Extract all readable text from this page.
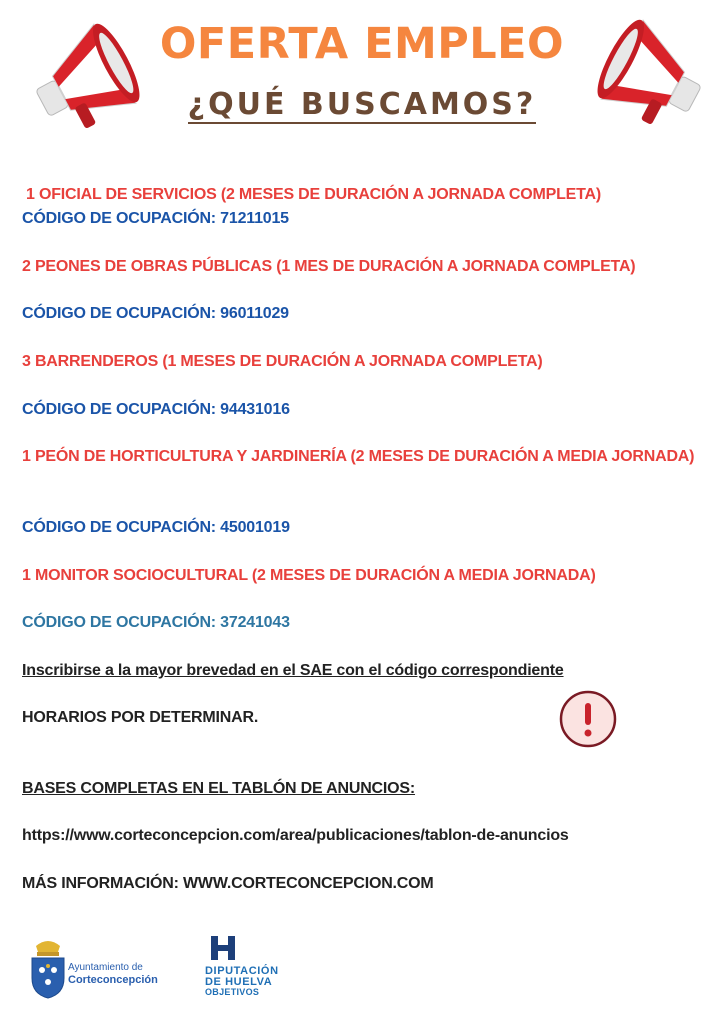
OFERTA EMPLEO
¿QUÉ BUSCAMOS?
1 OFICIAL DE SERVICIOS (2 MESES DE DURACIÓN A JORNADA COMPLETA)
CÓDIGO DE OCUPACIÓN: 71211015
2 PEONES DE OBRAS PÚBLICAS (1 MES DE DURACIÓN A JORNADA COMPLETA)
CÓDIGO DE OCUPACIÓN: 96011029
3 BARRENDEROS (1 MESES DE DURACIÓN A JORNADA COMPLETA)
CÓDIGO DE OCUPACIÓN: 94431016
1 PEÓN DE HORTICULTURA Y JARDINERÍA (2 MESES DE DURACIÓN A MEDIA JORNADA)
CÓDIGO DE OCUPACIÓN: 45001019
1 MONITOR SOCIOCULTURAL (2 MESES DE DURACIÓN A MEDIA JORNADA)
CÓDIGO DE OCUPACIÓN: 37241043
Inscribirse a la mayor brevedad en el SAE con el código correspondiente
HORARIOS POR DETERMINAR.
BASES COMPLETAS EN EL TABLÓN DE ANUNCIOS:
https://www.corteconcepcion.com/area/publicaciones/tablon-de-anuncios
MÁS INFORMACIÓN: WWW.CORTECONCEPCION.COM
Ayuntamiento de
Corteconcepción
DIPUTACIÓN
DE HUELVA
OBJETIVOS
